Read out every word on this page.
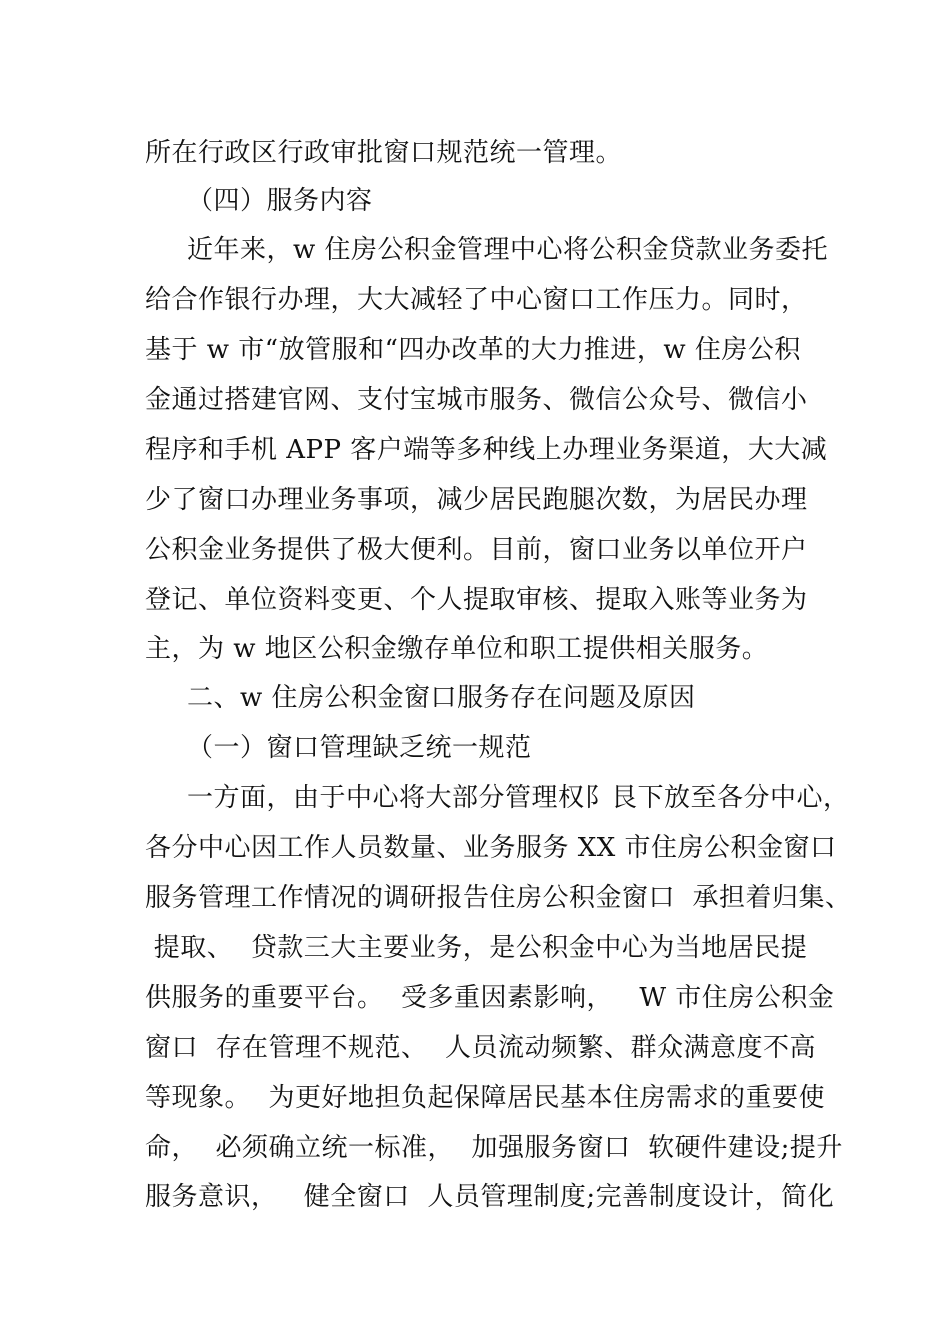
所在行政区行政审批窗口规范统一管理。
（四）服务内容
近年来，w 住房公积金管理中心将公积金贷款业务委托
给合作银行办理，大大减轻了中心窗口工作压力。同时，
基于 w 市“放管服和“四办改革的大力推进，w 住房公积
金通过搭建官网、支付宝城市服务、微信公众号、微信小
程序和手机 APP 客户端等多种线上办理业务渠道，大大减
少了窗口办理业务事项，减少居民跑腿次数，为居民办理
公积金业务提供了极大便利。目前，窗口业务以单位开户
登记、单位资料变更、个人提取审核、提取入账等业务为
主，为 w 地区公积金缴存单位和职工提供相关服务。
二、w 住房公积金窗口服务存在问题及原因
（一）窗口管理缺乏统一规范
一方面，由于中心将大部分管理权阝艮下放至各分中心，
各分中心因工作人员数量、业务服务 XX 市住房公积金窗口
服务管理工作情况的调研报告住房公积金窗口  承担着归集、
提取、  贷款三大主要业务，是公积金中心为当地居民提
供服务的重要平台。  受多重因素影响，   W 市住房公积金
窗口  存在管理不规范、  人员流动频繁、群众满意度不高
等现象。  为更好地担负起保障居民基本住房需求的重要使
命，  必须确立统一标准，  加强服务窗口  软硬件建设;提升
服务意识，   健全窗口  人员管理制度;完善制度设计，简化
